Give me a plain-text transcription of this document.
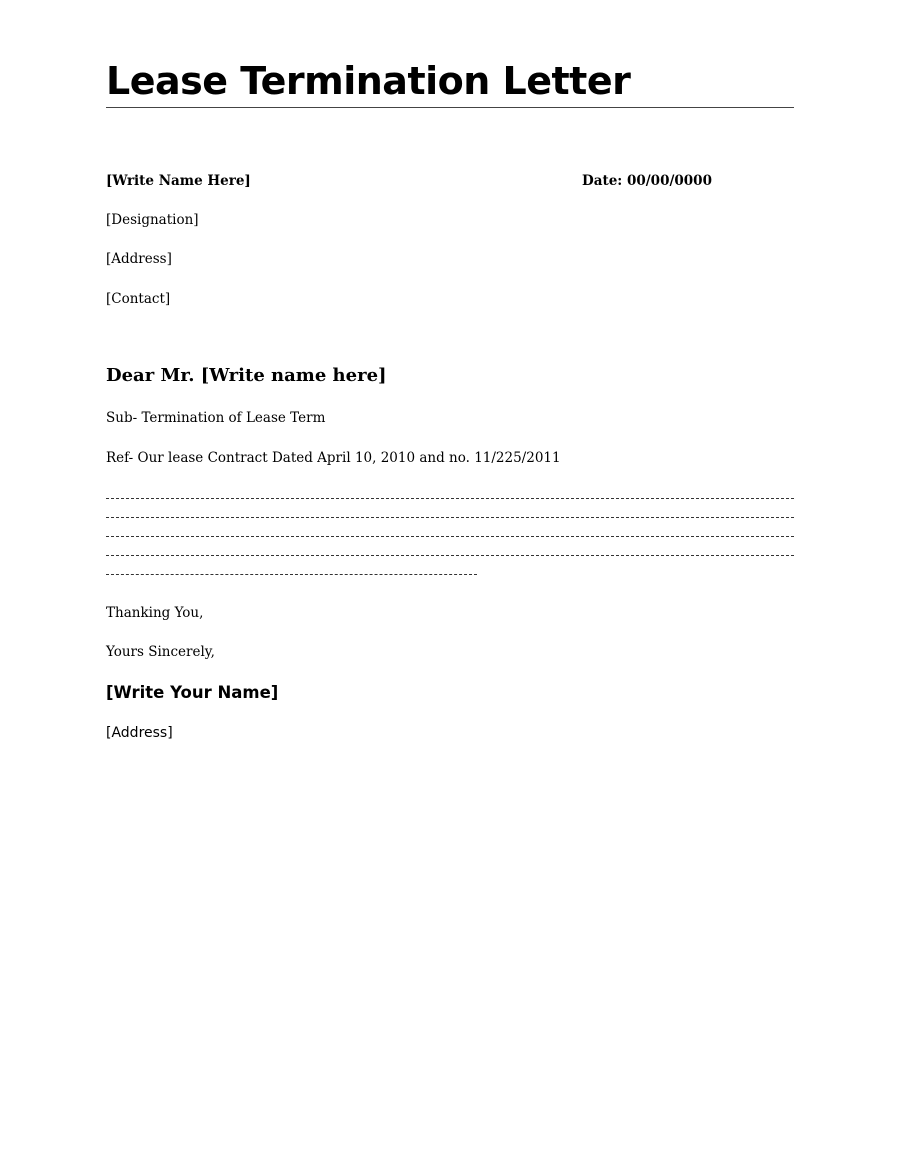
Lease Termination Letter

[Write Name Here]	Date: 00/00/0000

[Designation]

[Address]

[Contact]

Dear Mr. [Write name here]

Sub- Termination of Lease Term

Ref- Our lease Contract Dated April 10, 2010 and no. 11/225/2011

Thanking You,

Yours Sincerely,

[Write Your Name]

[Address]
